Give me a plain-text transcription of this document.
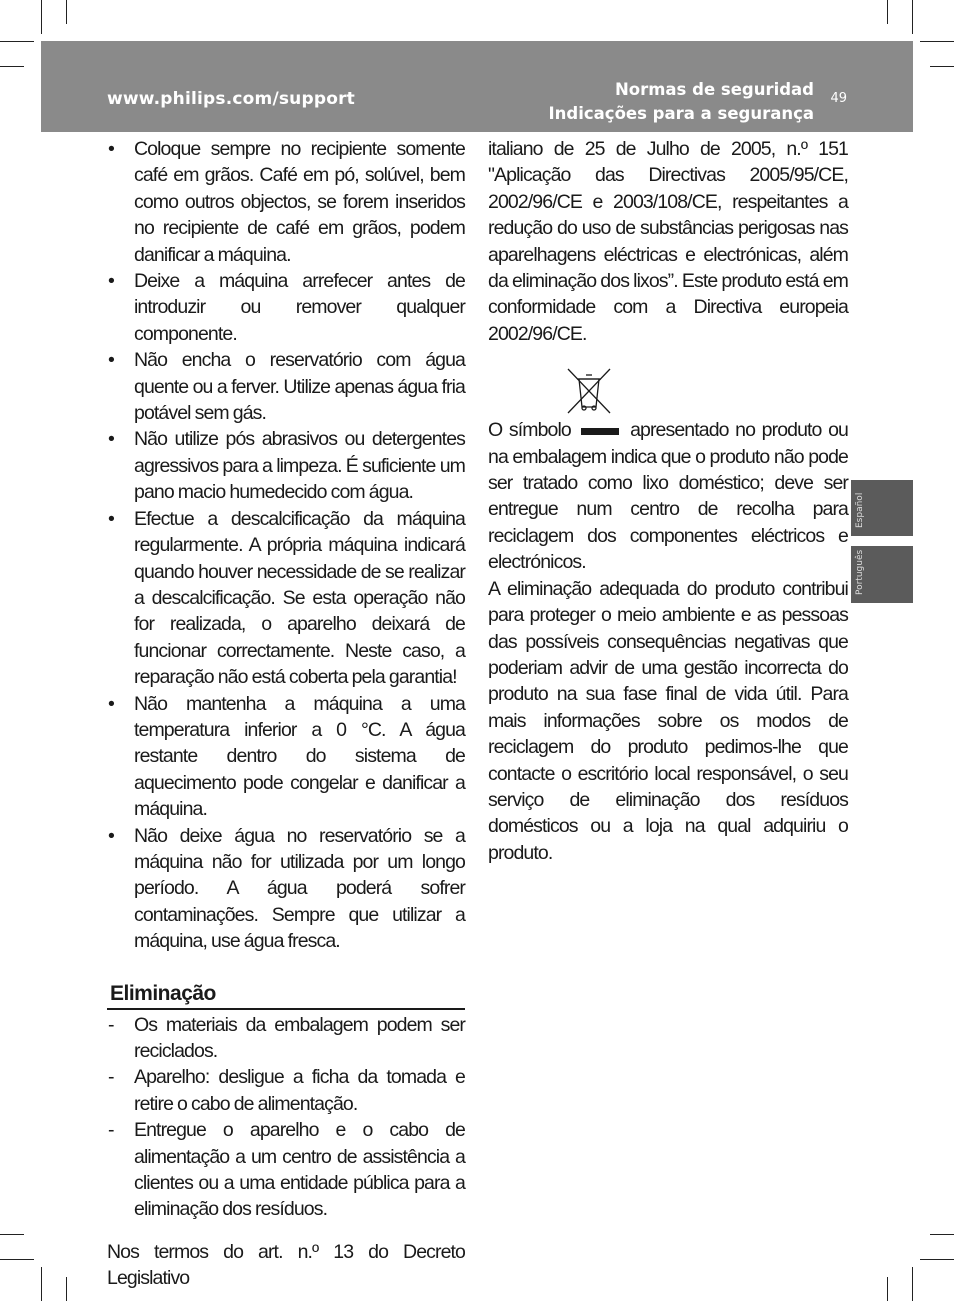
www.philips.com/support	Normas de seguridad
Indicações para a segurança
49
Español
Português
• Coloque sempre no recipiente somente café em grãos. Café em pó, solúvel, bem como outros objectos, se forem inseridos no recipiente de café em grãos, podem danificar a máquina.
• Deixe a máquina arrefecer antes de introduzir ou remover qualquer componente.
• Não encha o reservatório com água quente ou a ferver. Utilize apenas água fria potável sem gás.
• Não utilize pós abrasivos ou detergentes agressivos para a limpeza. É suficiente um pano macio humedecido com água.
• Efectue a descalcificação da máquina regularmente. A própria máquina indicará quando houver necessidade de se realizar a descalcificação. Se esta operação não for realizada, o aparelho deixará de funcionar correctamente. Neste caso, a reparação não está coberta pela garantia!
• Não mantenha a máquina a uma temperatura inferior a 0 °C. A água restante dentro do sistema de aquecimento pode congelar e danificar a máquina.
• Não deixe água no reservatório se a máquina não for utilizada por um longo período. A água poderá sofrer contaminações. Sempre que utilizar a máquina, use água fresca.
Eliminação
- Os materiais da embalagem podem ser reciclados.
- Aparelho: desligue a ficha da tomada e retire o cabo de alimentação.
- Entregue o aparelho e o cabo de alimentação a um centro de assistência a clientes ou a uma entidade pública para a eliminação dos resíduos.
Nos termos do art. n.º 13 do Decreto Legislativo
italiano de 25 de Julho de 2005, n.º 151 "Aplicação das Directivas 2005/95/CE, 2002/96/CE e 2003/108/CE, respeitantes a redução do uso de substâncias perigosas nas aparelhagens eléctricas e electrónicas, além da eliminação dos lixos”. Este produto está em conformidade com a Directiva europeia 2002/96/CE.
O símbolo	apresentado no produto ou na embalagem indica que o produto não pode ser tratado como lixo doméstico; deve ser entregue num centro de recolha para reciclagem dos componentes eléctricos e electrónicos.
A eliminação adequada do produto contribui para proteger o meio ambiente e as pessoas das possíveis consequências negativas que poderiam advir de uma gestão incorrecta do produto na sua fase final de vida útil. Para mais informações sobre os modos de reciclagem do produto pedimos-lhe que contacte o escritório local responsável, o seu serviço de eliminação dos resíduos domésticos ou a loja na qual adquiriu o produto.
